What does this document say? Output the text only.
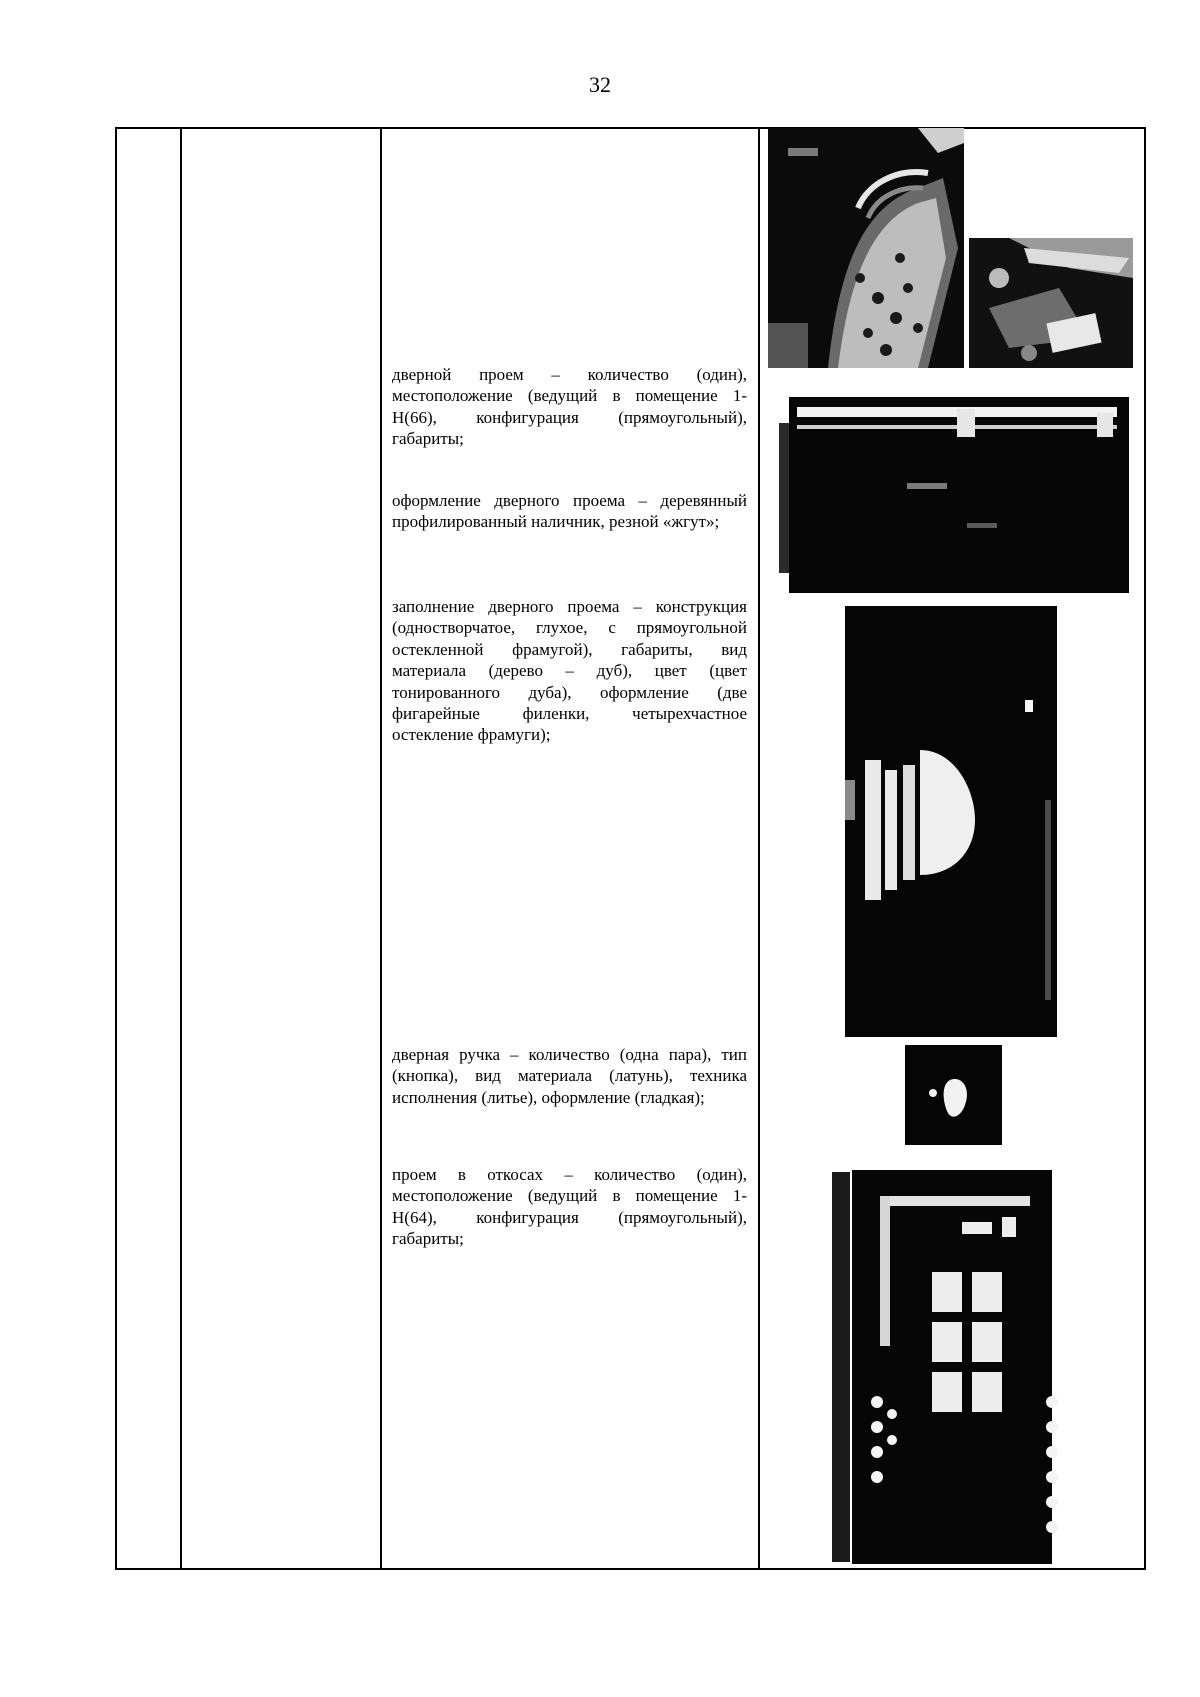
32

дверной проем – количество (один), местоположение (ведущий в помещение 1-Н(66), конфигурация (прямоугольный), габариты;

оформление дверного проема – деревянный профилированный наличник, резной «жгут»;

заполнение дверного проема – конструкция (одностворчатое, глухое, с прямоугольной остекленной фрамугой), габариты, вид материала (дерево – дуб), цвет (цвет тонированного дуба), оформление (две фигарейные филенки, четырехчастное остекление фрамуги);

дверная ручка – количество (одна пара), тип (кнопка), вид материала (латунь), техника исполнения (литье), оформление (гладкая);

проем в откосах – количество (один), местоположение (ведущий в помещение 1-Н(64), конфигурация (прямоугольный), габариты;
